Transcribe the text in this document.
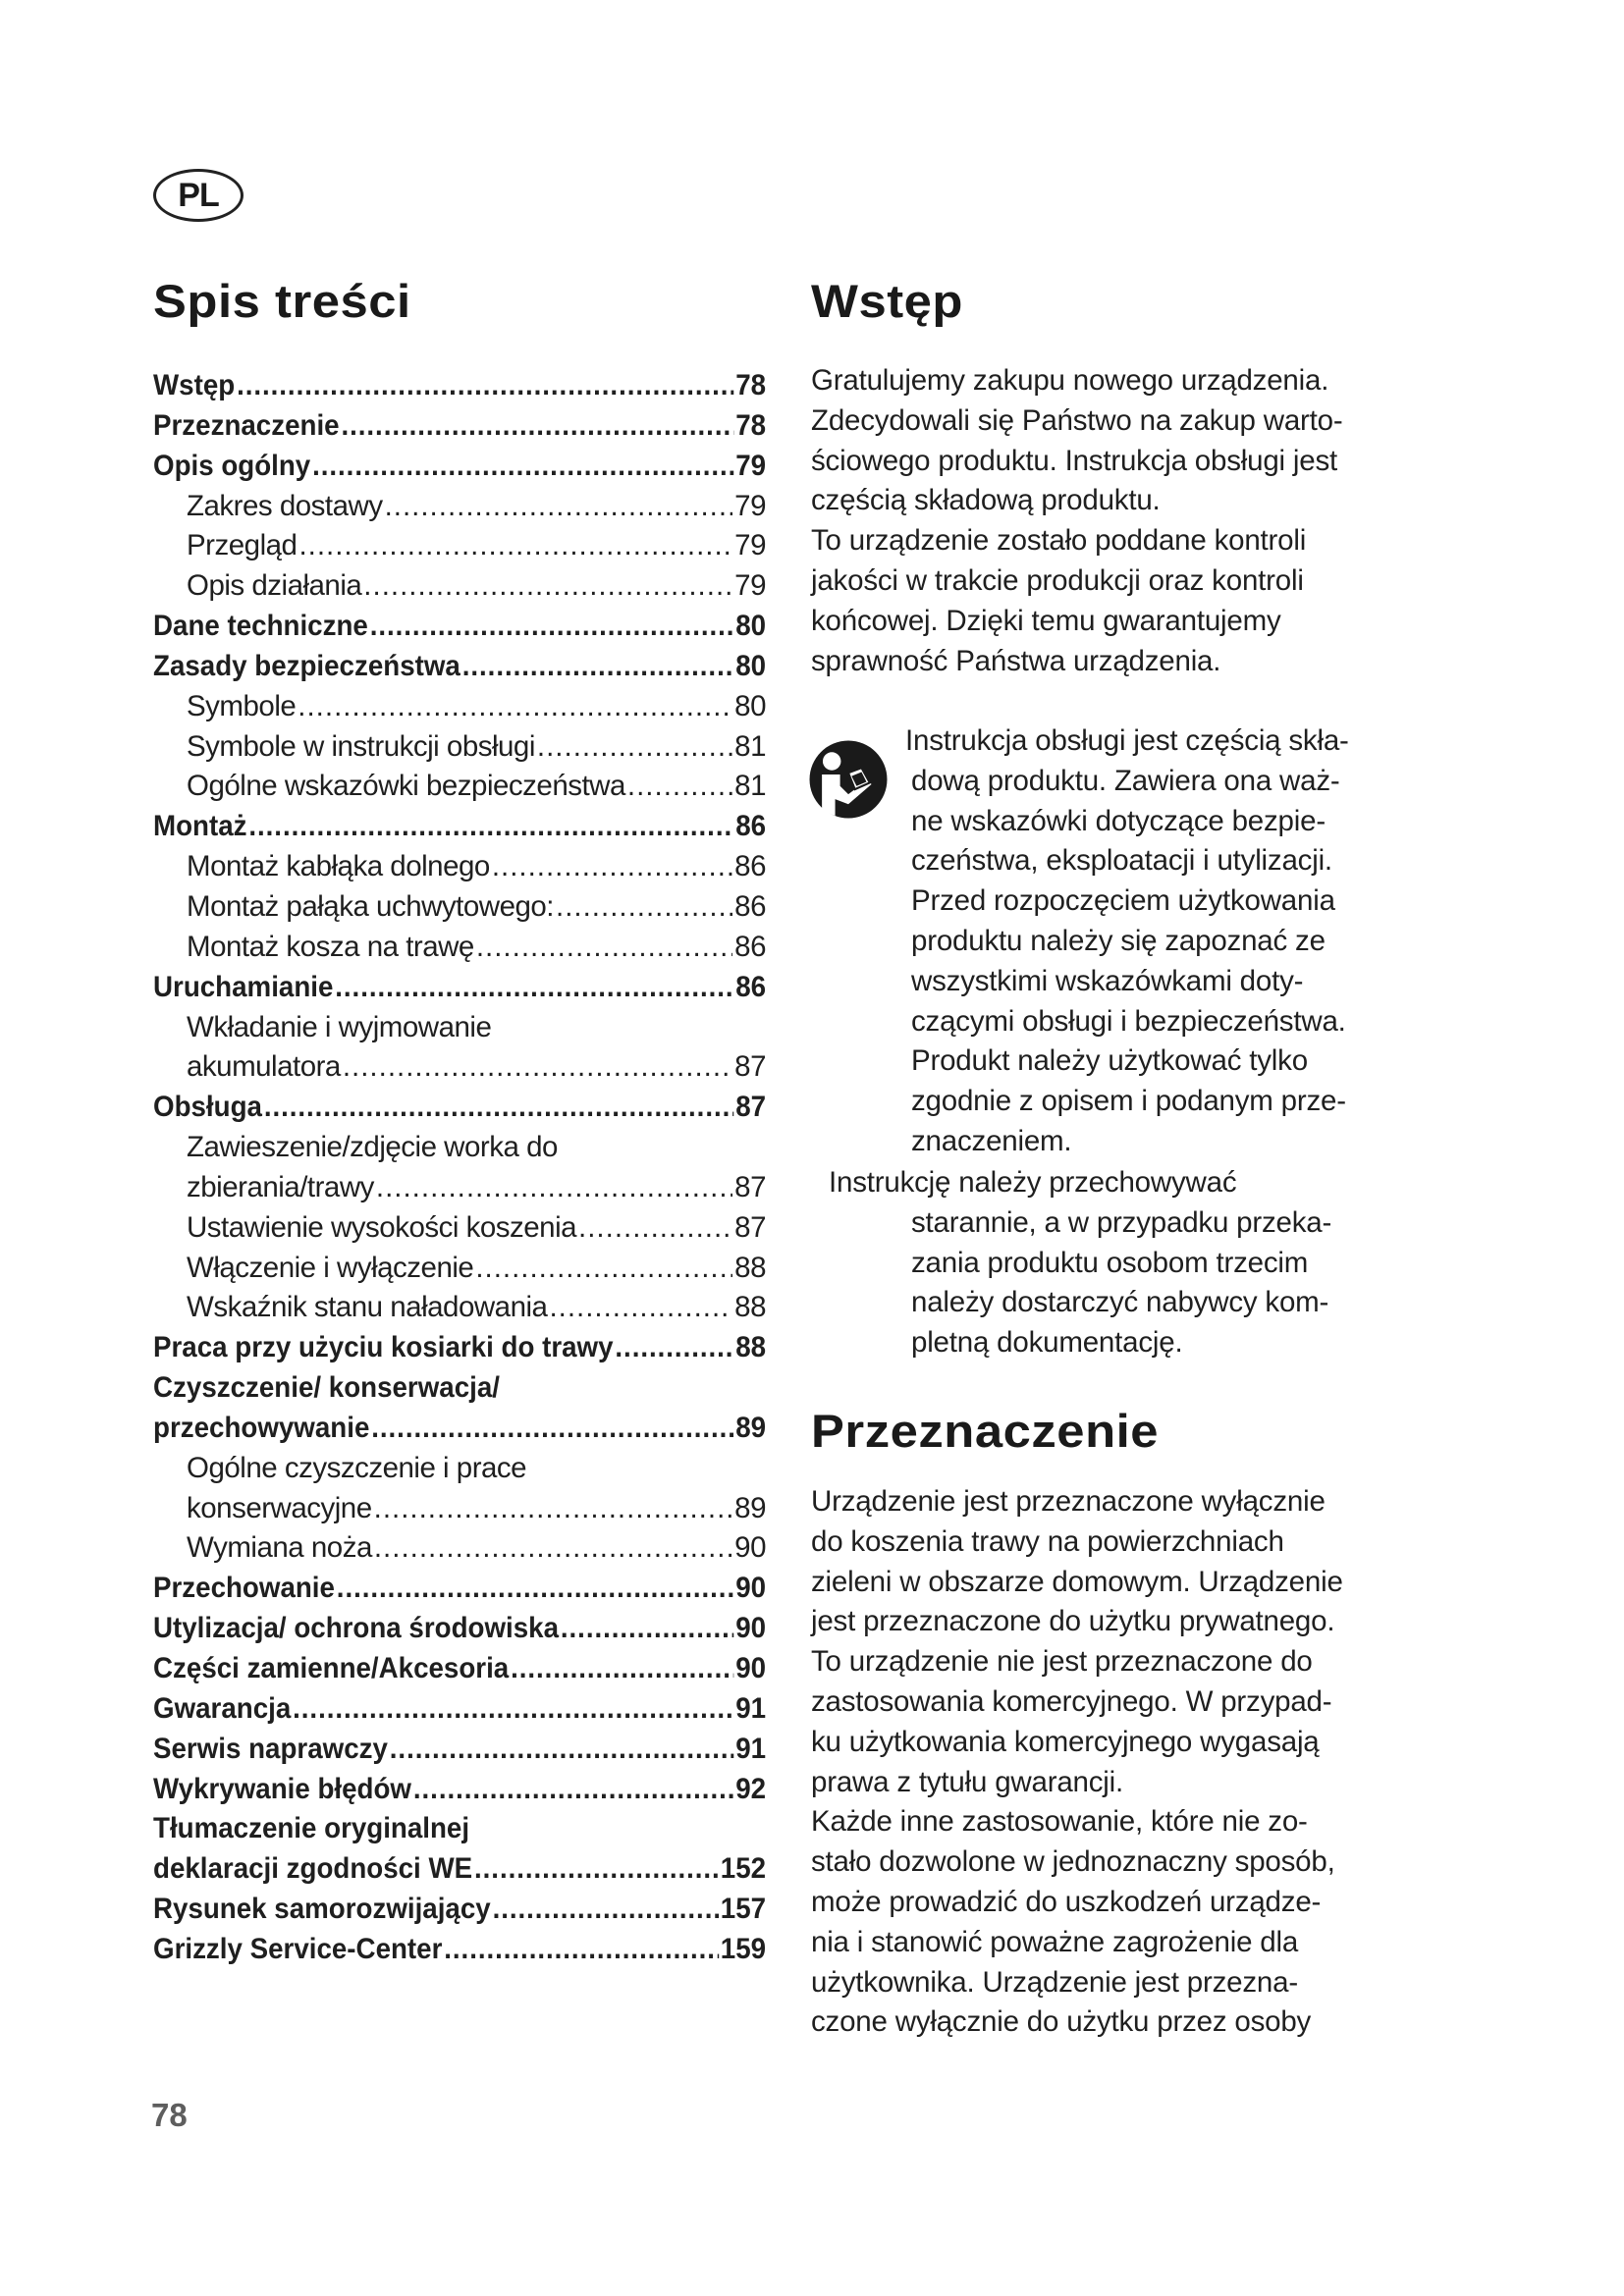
PL
Spis treści
Wstęp .....	78
Przeznaczenie .....	78
Opis ogólny .....	79
Zakres dostawy .....	79
Przegląd .....	79
Opis działania .....	79
Dane techniczne .....	80
Zasady bezpieczeństwa .....	80
Symbole .....	80
Symbole w instrukcji obsługi .....	81
Ogólne wskazówki bezpieczeństwa .....	81
Montaż .....	86
Montaż kabłąka dolnego .....	86
Montaż pałąka uchwytowego: .....	86
Montaż kosza na trawę .....	86
Uruchamianie .....	86
Wkładanie i wyjmowanie
akumulatora .....	87
Obsługa .....	87
Zawieszenie/zdjęcie worka do
zbierania/trawy .....	87
Ustawienie wysokości koszenia .....	87
Włączenie i wyłączenie .....	88
Wskaźnik stanu naładowania .....	88
Praca przy użyciu kosiarki do trawy .....	88
Czyszczenie/ konserwacja/
przechowywanie .....	89
Ogólne czyszczenie i prace
konserwacyjne .....	89
Wymiana noża .....	90
Przechowanie .....	90
Utylizacja/ ochrona środowiska .....	90
Części zamienne/Akcesoria .....	90
Gwarancja .....	91
Serwis naprawczy .....	91
Wykrywanie błędów .....	92
Tłumaczenie oryginalnej
deklaracji zgodności WE .....	152
Rysunek samorozwijający .....	157
Grizzly Service-Center .....	159
Wstęp

Gratulujemy zakupu nowego urządzenia.
Zdecydowali się Państwo na zakup warto-
ściowego produktu. Instrukcja obsługi jest
częścią składową produktu.
To urządzenie zostało poddane kontroli
jakości w trakcie produkcji oraz kontroli
końcowej. Dzięki temu gwarantujemy
sprawność Państwa urządzenia.

Instrukcja obsługi jest częścią skła-
dową produktu. Zawiera ona waż-
ne wskazówki dotyczące bezpie-
czeństwa, eksploatacji i utylizacji.
Przed rozpoczęciem użytkowania
produktu należy się zapoznać ze
wszystkimi wskazówkami doty-
czącymi obsługi i bezpieczeństwa.
Produkt należy użytkować tylko
zgodnie z opisem i podanym prze-
znaczeniem.

Instrukcję należy przechowywać
starannie, a w przypadku przeka-
zania produktu osobom trzecim
należy dostarczyć nabywcy kom-
pletną dokumentację.

Przeznaczenie

Urządzenie jest przeznaczone wyłącznie
do koszenia trawy na powierzchniach
zieleni w obszarze domowym. Urządzenie
jest przeznaczone do użytku prywatnego.
To urządzenie nie jest przeznaczone do
zastosowania komercyjnego. W przypad-
ku użytkowania komercyjnego wygasają
prawa z tytułu gwarancji.
Każde inne zastosowanie, które nie zo-
stało dozwolone w jednoznaczny sposób,
może prowadzić do uszkodzeń urządze-
nia i stanowić poważne zagrożenie dla
użytkownika. Urządzenie jest przezna-
czone wyłącznie do użytku przez osoby

78
